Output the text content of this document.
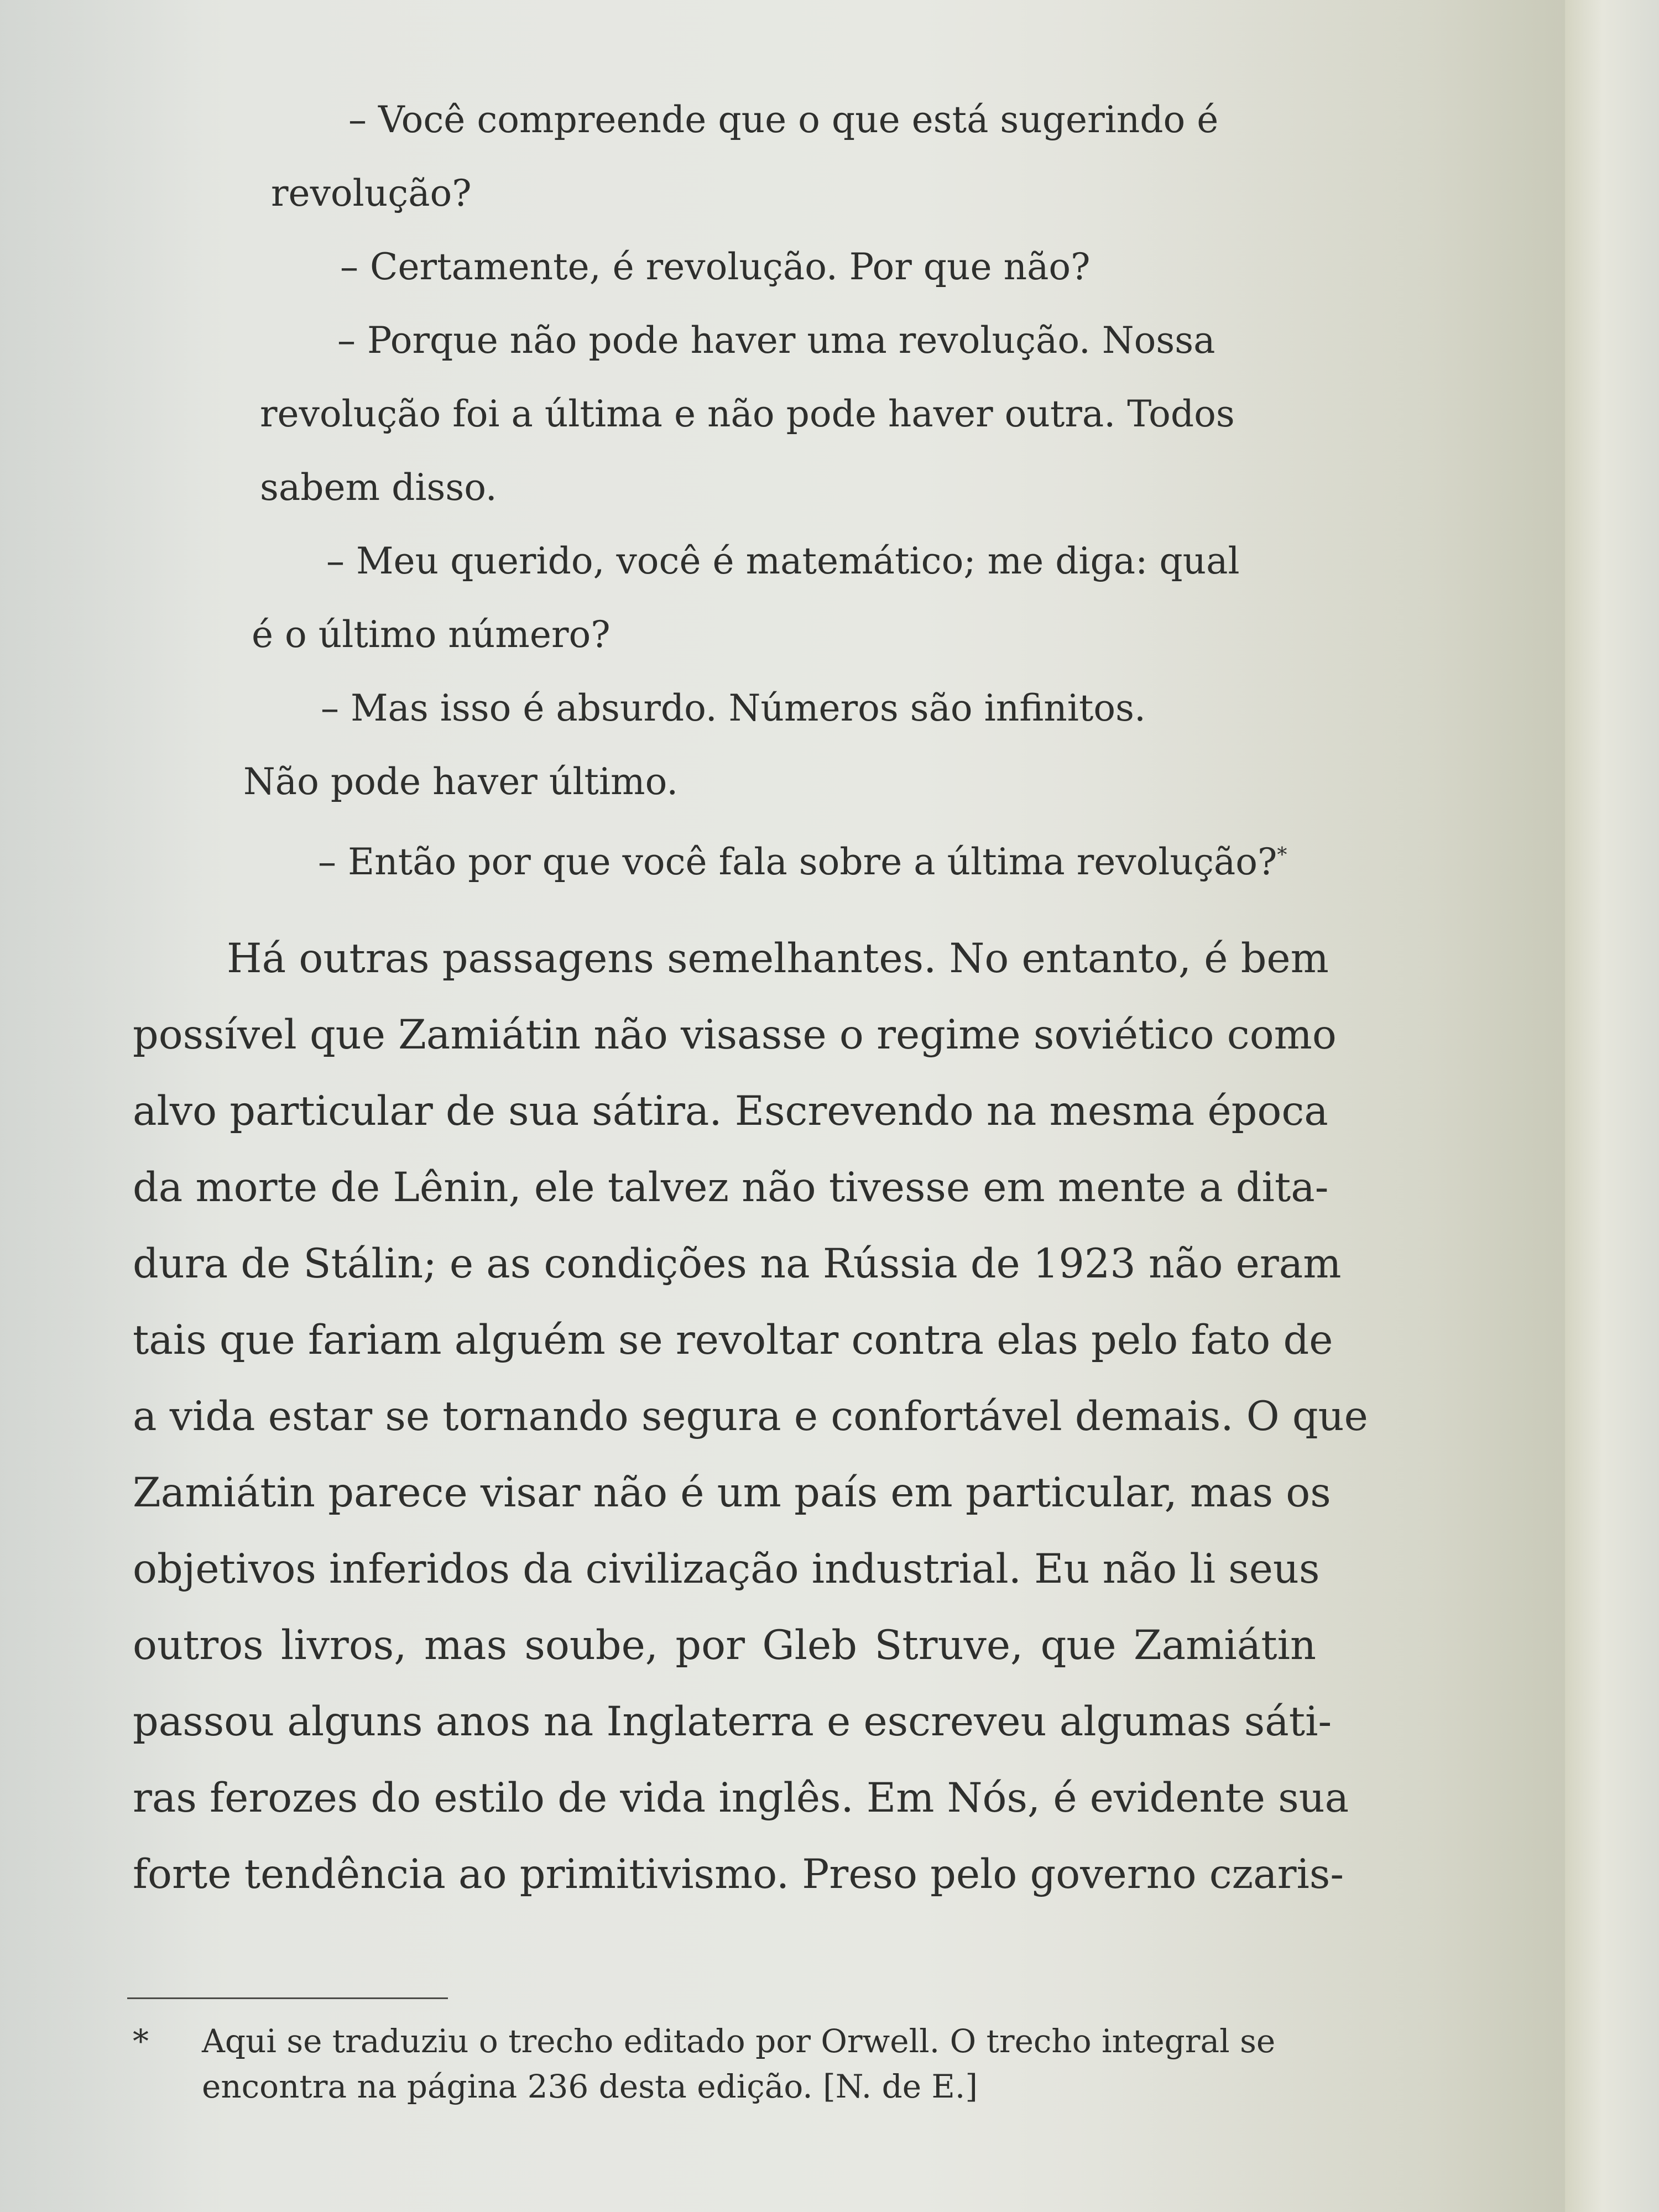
– Você compreende que o que está sugerindo é
revolução?
– Certamente, é revolução. Por que não?
– Porque não pode haver uma revolução. Nossa
revolução foi a última e não pode haver outra. Todos
sabem disso.
– Meu querido, você é matemático; me diga: qual
é o último número?
– Mas isso é absurdo. Números são infinitos.
Não pode haver último.
– Então por que você fala sobre a última revolução?*
Há outras passagens semelhantes. No entanto, é bem
possível que Zamiátin não visasse o regime soviético como
alvo particular de sua sátira. Escrevendo na mesma época
da morte de Lênin, ele talvez não tivesse em mente a dita-
dura de Stálin; e as condições na Rússia de 1923 não eram
tais que fariam alguém se revoltar contra elas pelo fato de
a vida estar se tornando segura e confortável demais. O que
Zamiátin parece visar não é um país em particular, mas os
objetivos inferidos da civilização industrial. Eu não li seus
outros livros, mas soube, por Gleb Struve, que Zamiátin
passou alguns anos na Inglaterra e escreveu algumas sáti-
ras ferozes do estilo de vida inglês. Em Nós, é evidente sua
forte tendência ao primitivismo. Preso pelo governo czaris-
* Aqui se traduziu o trecho editado por Orwell. O trecho integral se
encontra na página 236 desta edição. [N. de E.]
